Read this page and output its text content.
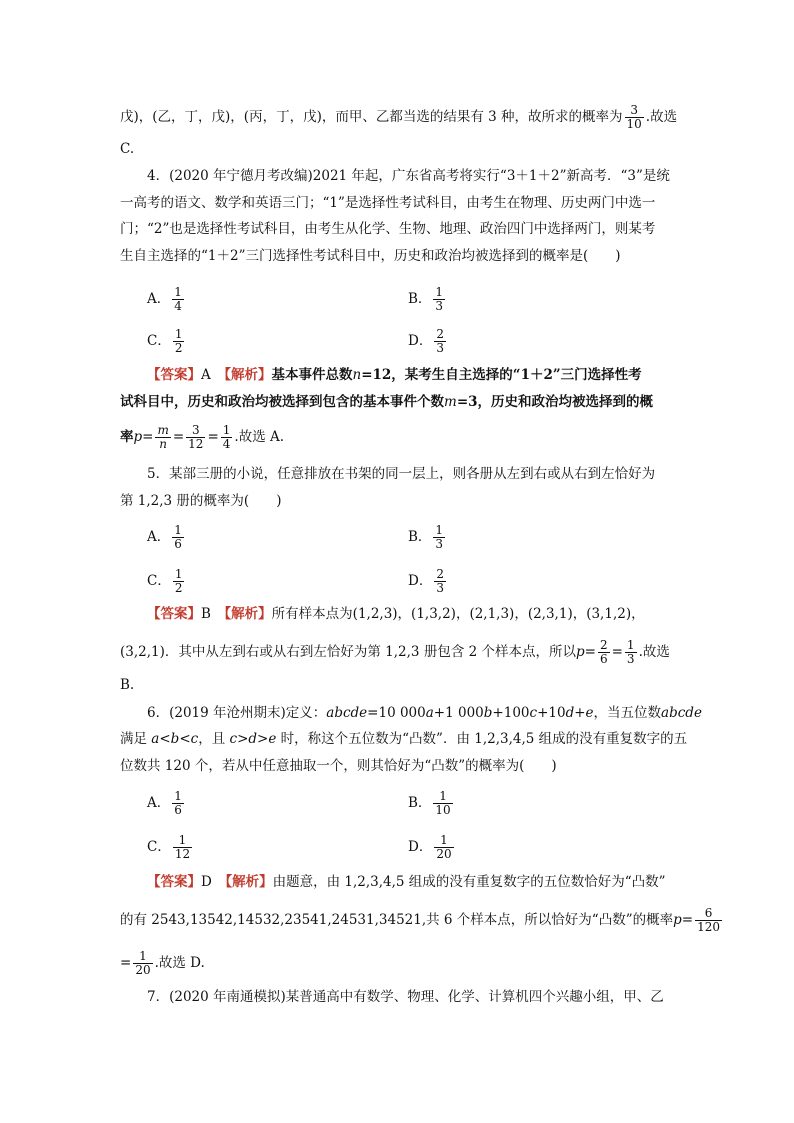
戊)，(乙，丁，戊)，(丙，丁，戊)，而甲、乙都当选的结果有 3 种，故所求的概率为 $\frac{3}{10}$ .故选
C.
4．(2020 年宁德月考改编)2021 年起，广东省高考将实行“3＋1＋2”新高考．“3”是统
一高考的语文、数学和英语三门；“1”是选择性考试科目，由考生在物理、历史两门中选一
门；“2”也是选择性考试科目，由考生从化学、生物、地理、政治四门中选择两门，则某考
生自主选择的“1＋2”三门选择性考试科目中，历史和政治均被选择到的概率是(　　)
A． $\frac{1}{4}$	B． $\frac{1}{3}$
C． $\frac{1}{2}$	D． $\frac{2}{3}$
【答案】A　 【解析】基本事件总数n=12，某考生自主选择的“1＋2”三门选择性考
试科目中，历史和政治均被选择到包含的基本事件个数m=3，历史和政治均被选择到的概
率$p= \frac{m}{n} = \frac{3}{12} = \frac{1}{4}$ .故选 A.
5．某部三册的小说，任意排放在书架的同一层上，则各册从左到右或从右到左恰好为
第 1,2,3 册的概率为(　　)
A． $\frac{1}{6}$	B． $\frac{1}{3}$
C． $\frac{1}{2}$	D． $\frac{2}{3}$
【答案】B　 【解析】所有样本点为(1,2,3)，(1,3,2)，(2,1,3)，(2,3,1)，(3,1,2)，
(3,2,1)．其中从左到右或从右到左恰好为第 1,2,3 册包含 2 个样本点，所以$p= \frac{2}{6} = \frac{1}{3}$ .故选
B.
6．(2019 年沧州期末)定义：abcde=10 000a+1 000b+100c+10d+e，当五位数abcde
满足 a<b<c，且 c>d>e 时，称这个五位数为“凸数”．由 1,2,3,4,5 组成的没有重复数字的五
位数共 120 个，若从中任意抽取一个，则其恰好为“凸数”的概率为(　　)
A． $\frac{1}{6}$	B． $\frac{1}{10}$
C． $\frac{1}{12}$	D． $\frac{1}{20}$
【答案】D　 【解析】由题意，由 1,2,3,4,5 组成的没有重复数字的五位数恰好为“凸数”
的有 2543,13542,14532,23541,24531,34521,共 6 个样本点，所以恰好为“凸数”的概率$p= \frac{6}{120}$
= $\frac{1}{20}$ .故选 D.
7．(2020 年南通模拟)某普通高中有数学、物理、化学、计算机四个兴趣小组，甲、乙
